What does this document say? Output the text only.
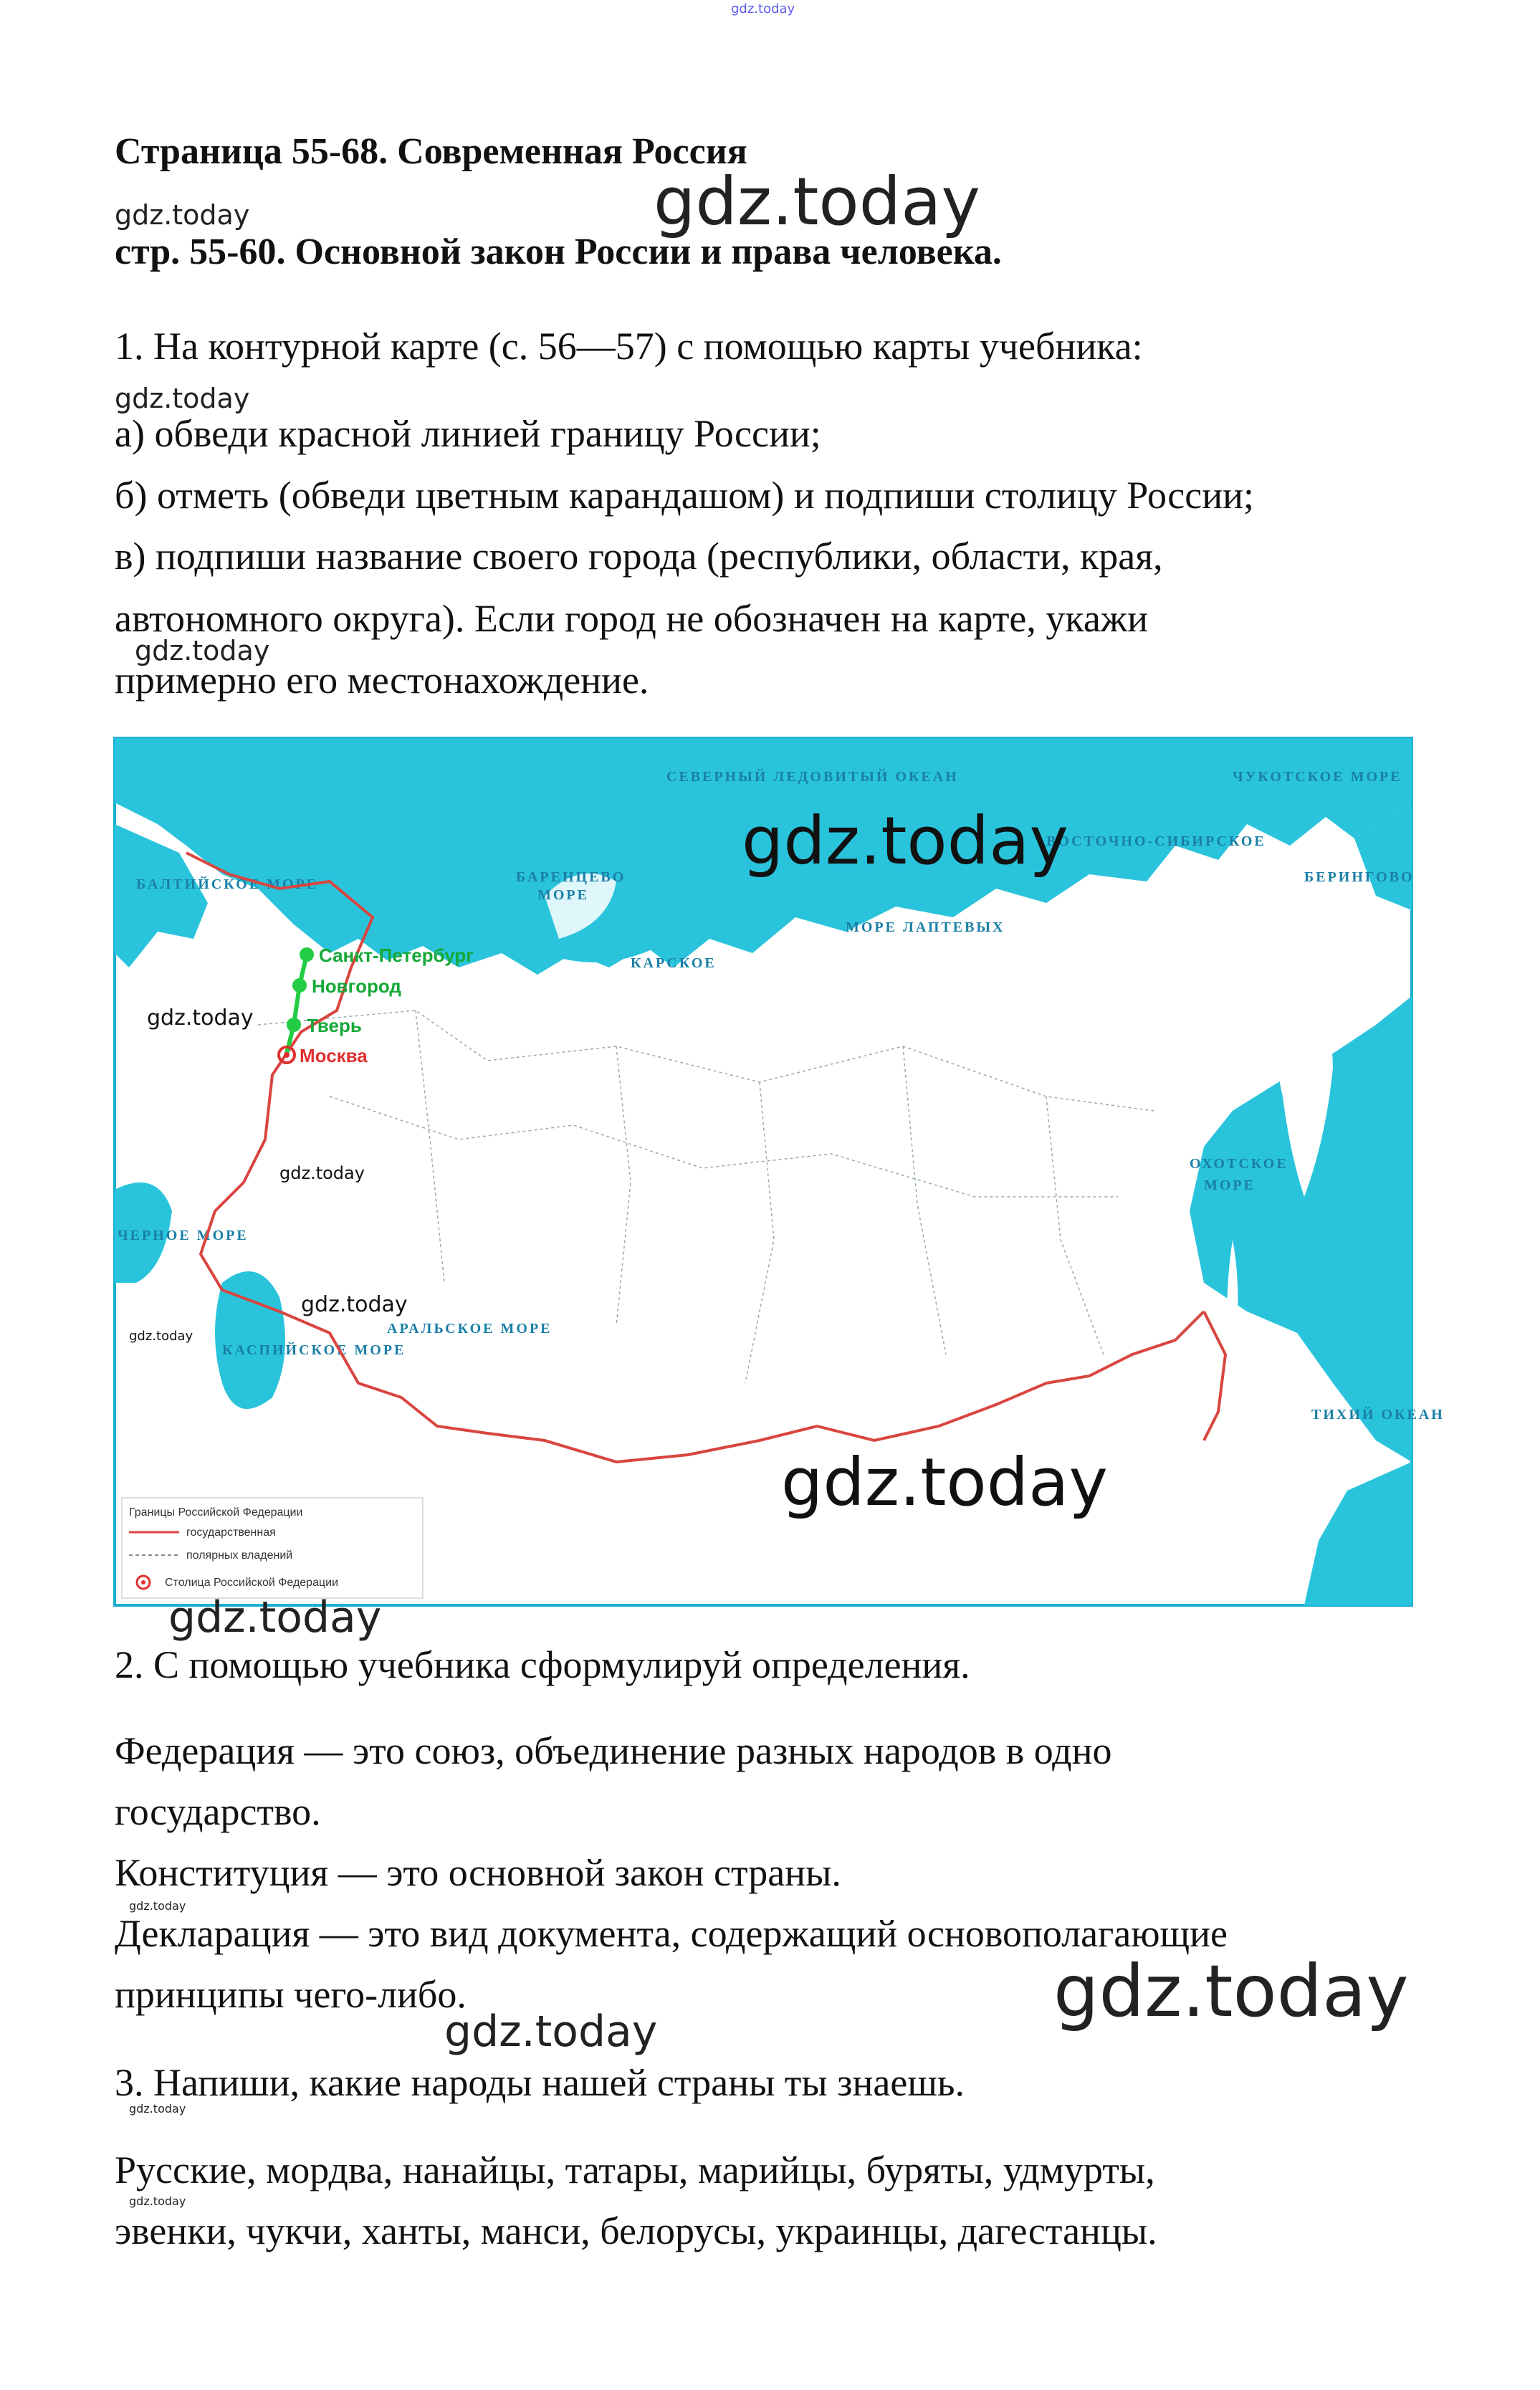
gdz.today
Страница 55-68. Современная Россия
gdz.today	gdz.today
стр. 55-60. Основной закон России и права человека.
1. На контурной карте (с. 56—57) с помощью карты учебника:
gdz.today
а) обведи красной линией границу России;
б) отметь (обведи цветным карандашом) и подпиши столицу России;
в) подпиши название своего города (республики, области, края,
автономного округа). Если город не обозначен на карте, укажи
gdz.today
примерно его местонахождение.
СЕВЕРНЫЙ ЛЕДОВИТЫЙ ОКЕАН
БАРЕНЦЕВО
МОРЕ
КАРСКОЕ
МОРЕ ЛАПТЕВЫХ
ВОСТОЧНО-СИБИРСКОЕ
ЧУКОТСКОЕ МОРЕ
БЕРИНГОВО
ОХОТСКОЕ
МОРЕ
ТИХИЙ ОКЕАН
ЧЕРНОЕ МОРЕ
КАСПИЙСКОЕ МОРЕ
БАЛТИЙСКОЕ МОРЕ
АРАЛЬСКОЕ МОРЕ
Санкт-Петербург
Новгород
Тверь
Москва
Границы Российской Федерации
государственная
полярных владений
Столица Российской Федерации
gdz.today
gdz.today
gdz.today
gdz.today
gdz.today
gdz.today
gdz.today
2. С помощью учебника сформулируй определения.
Федерация — это союз, объединение разных народов в одно
государство.
Конституция — это основной закон страны.
gdz.today
Декларация — это вид документа, содержащий основополагающие
gdz.today
принципы чего-либо.
gdz.today
3. Напиши, какие народы нашей страны ты знаешь.
gdz.today
Русские, мордва, нанайцы, татары, марийцы, буряты, удмурты,
gdz.today
эвенки, чукчи, ханты, манси, белорусы, украинцы, дагестанцы.
